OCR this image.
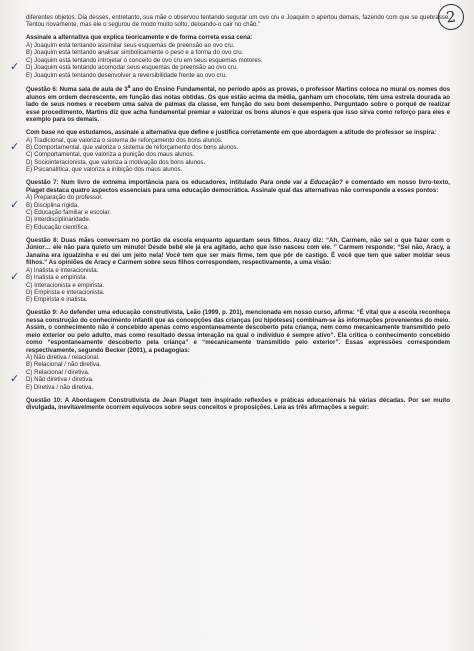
2

diferentes objetos. Dia desses, entretanto, sua mãe o observou tentando segurar um ovo cru e Joaquim o apertou demais, fazendo com que se quebrasse. Tentou novamente, mas ele o segurou de modo muito solto, deixando-o cair no chão.”

Assinale a alternativa que explica teoricamente e de forma correta essa cena:

A) Joaquim está tentando assimilar seus esquemas de preensão ao ovo cru.

B) Joaquim está tentando analisar simbolicamente o peso e a forma do ovo cru.

C) Joaquim está tentando introjetar o conceito de ovo cru em seus esquemas motores.

✓ D) Joaquim está tentando acomodar seus esquemas de preensão ao ovo cru.

E) Joaquim está tentando desenvolver a reversibilidade frente ao ovo cru.

Questão 6: Numa sala de aula de 3$^a$ ano do Ensino Fundamental, no período após as provas, o professor Martins coloca no mural os nomes dos alunos em ordem decrescente, em função das notas obtidas. Os que estão acima da média, ganham um chocolate, têm uma estrela dourada ao lado de seus nomes e recebem uma salva de palmas da classe, em função do seu bom desempenho. Perguntado sobre o porquê de realizar esse procedimento, Martins diz que acha fundamental premiar e valorizar os bons alunos e que espera que isso sirva como reforço para eles e exemplo para os demais.

Com base no que estudamos, assinale a alternativa que define e justifica corretamente em que abordagem a atitude do professor se inspira:

A) Tradicional, que valoriza o sistema de reforçamento dos bons alunos.

✓ B) Comportamental, que valoriza o sistema de reforçamento dos bons alunos.

C) Comportamental, que valoriza a punição dos maus alunos.

D) Sociointeracionista, que valoriza a motivação dos bons alunos.

E) Psicanalítica, que valoriza a inibição dos maus alunos.

Questão 7: Num livro de extrema importância para os educadores, intitulado Para onde vai a Educação? e comentado em nosso livro-texto, Piaget destaca quatro aspectos essenciais para uma educação democrática. Assinale qual das alternativas não corresponde a esses pontos:

A) Preparação do professor.

✓ B) Disciplina rígida.

C) Educação familiar e escolar.

D) Interdisciplinaridade.

E) Educação científica.

Questão 8: Duas mães conversam no portão da escola enquanto aguardam seus filhos. Aracy diz: “Ah, Carmem, não sei o que fazer com o Júnior… ele não para quieto um minuto! Desde bebê ele já era agitado, acho que isso nasceu com ele. ” Carmem responde: “Sei não, Aracy, a Janaína era igualzinha e eu dei um jeito nela! Você tem que ser mais firme, tem que pôr de castigo. É você que tem que saber moldar seus filhos.” As opiniões de Aracy e Carmem sobre seus filhos correspondem, respectivamente, a uma visão:

A) Inatista e interacionista.

✓ B) Inatista e empirista.

C) Interacionista e empirista.

D) Empirista e interacionista.

E) Empirista e inatista.

Questão 9: Ao defender uma educação construtivista, Leão (1999, p. 201), mencionada em nosso curso, afirma: “É vital que a escola reconheça nessa construção do conhecimento infantil que as concepções das crianças (ou hipóteses) combinam-se às informações provenientes do meio. Assim, o conhecimento não é concebido apenas como espontaneamente descoberto pela criança, nem como mecanicamente transmitido pelo meio exterior ou pelo adulto, mas como resultado dessa interação na qual o indivíduo é sempre ativo”. Ela critica o conhecimento concebido como “espontaneamente descoberto pela criança” e “mecanicamente transmitido pelo exterior”. Essas expressões correspondem respectivamente, segundo Becker (2001), a pedagogias:

A) Não diretiva / relacional.

B) Relacional / não diretiva.

C) Relacional / diretiva.

✓ D) Não diretiva / diretiva.

E) Diretiva / não diretiva.

Questão 10: A Abordagem Construtivista de Jean Piaget tem inspirado reflexões e práticas educacionais há várias décadas. Por ser muito divulgada, inevitavelmente ocorrem equívocos sobre seus conceitos e proposições. Leia as três afirmações a seguir:
